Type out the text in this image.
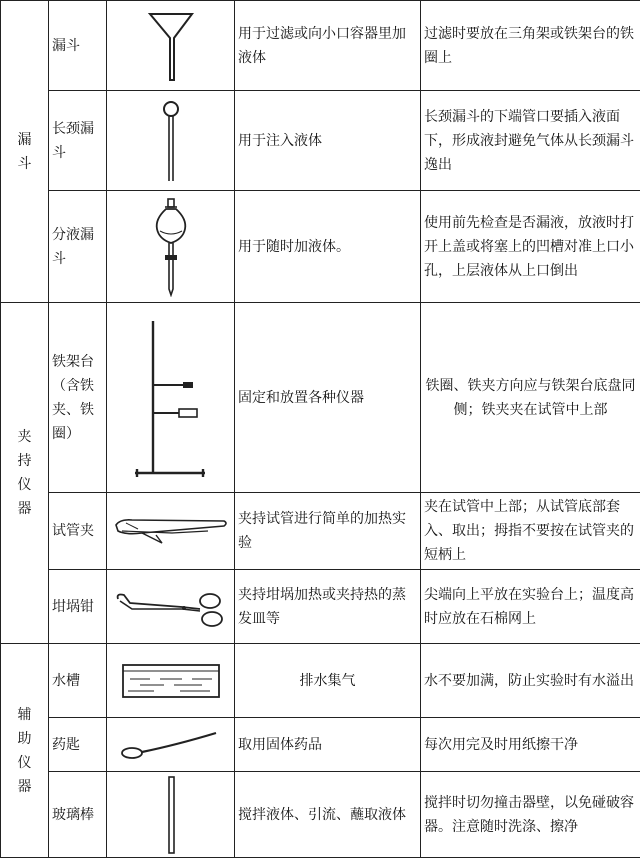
漏
斗	漏斗		用于过滤或向小口容器里加液体	过滤时要放在三角架或铁架台的铁圈上
	长颈漏斗		用于注入液体	长颈漏斗的下端管口要插入液面下，形成液封避免气体从长颈漏斗逸出
	分液漏斗		用于随时加液体。	使用前先检查是否漏液，放液时打开上盖或将塞上的凹槽对准上口小孔，上层液体从上口倒出

夹
持
仪
器	铁架台（含铁夹、铁圈）		固定和放置各种仪器	铁圈、铁夹方向应与铁架台底盘同侧；铁夹夹在试管中上部
	试管夹		夹持试管进行简单的加热实验	夹在试管中上部；从试管底部套入、取出；拇指不要按在试管夹的短柄上
	坩埚钳		夹持坩埚加热或夹持热的蒸发皿等	尖端向上平放在实验台上；温度高时应放在石棉网上

辅
助
仪
器	水槽		排水集气	水不要加满，防止实验时有水溢出
	药匙		取用固体药品	每次用完及时用纸擦干净
	玻璃棒		搅拌液体、引流、蘸取液体	搅拌时切勿撞击器壁，以免碰破容器。注意随时洗涤、擦净
